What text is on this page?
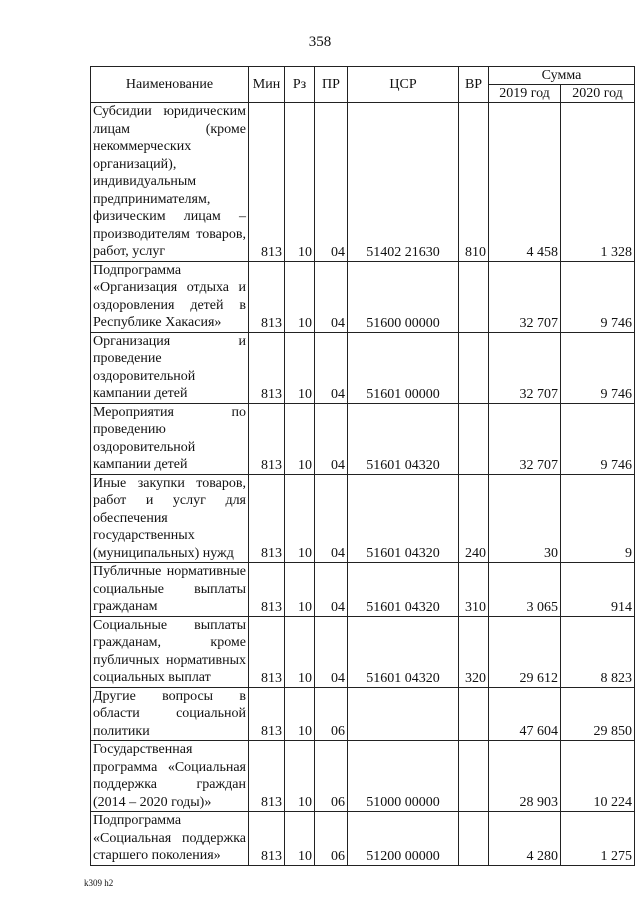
358
Наименование	Мин	Рз	ПР	ЦСР	ВР	Сумма	
						2019 год	2020 год
Субсидии юридическим лицам (кроме некоммерческих организаций), индивидуальным предпринимателям, физическим лицам – производителям товаров, работ, услуг	813	10	04	51402 21630	810	4 458	1 328
Подпрограмма «Организация отдыха и оздоровления детей в Республике Хакасия»	813	10	04	51600 00000		32 707	9 746
Организация и проведение оздоровительной кампании детей	813	10	04	51601 00000		32 707	9 746
Мероприятия по проведению оздоровительной кампании детей	813	10	04	51601 04320		32 707	9 746
Иные закупки товаров, работ и услуг для обеспечения государственных (муниципальных) нужд	813	10	04	51601 04320	240	30	9
Публичные нормативные социальные выплаты гражданам	813	10	04	51601 04320	310	3 065	914
Социальные выплаты гражданам, кроме публичных нормативных социальных выплат	813	10	04	51601 04320	320	29 612	8 823
Другие вопросы в области социальной политики	813	10	06			47 604	29 850
Государственная программа «Социальная поддержка граждан (2014 – 2020 годы)»	813	10	06	51000 00000		28 903	10 224
Подпрограмма «Социальная поддержка старшего поколения»	813	10	06	51200 00000		4 280	1 275
k309 h2
